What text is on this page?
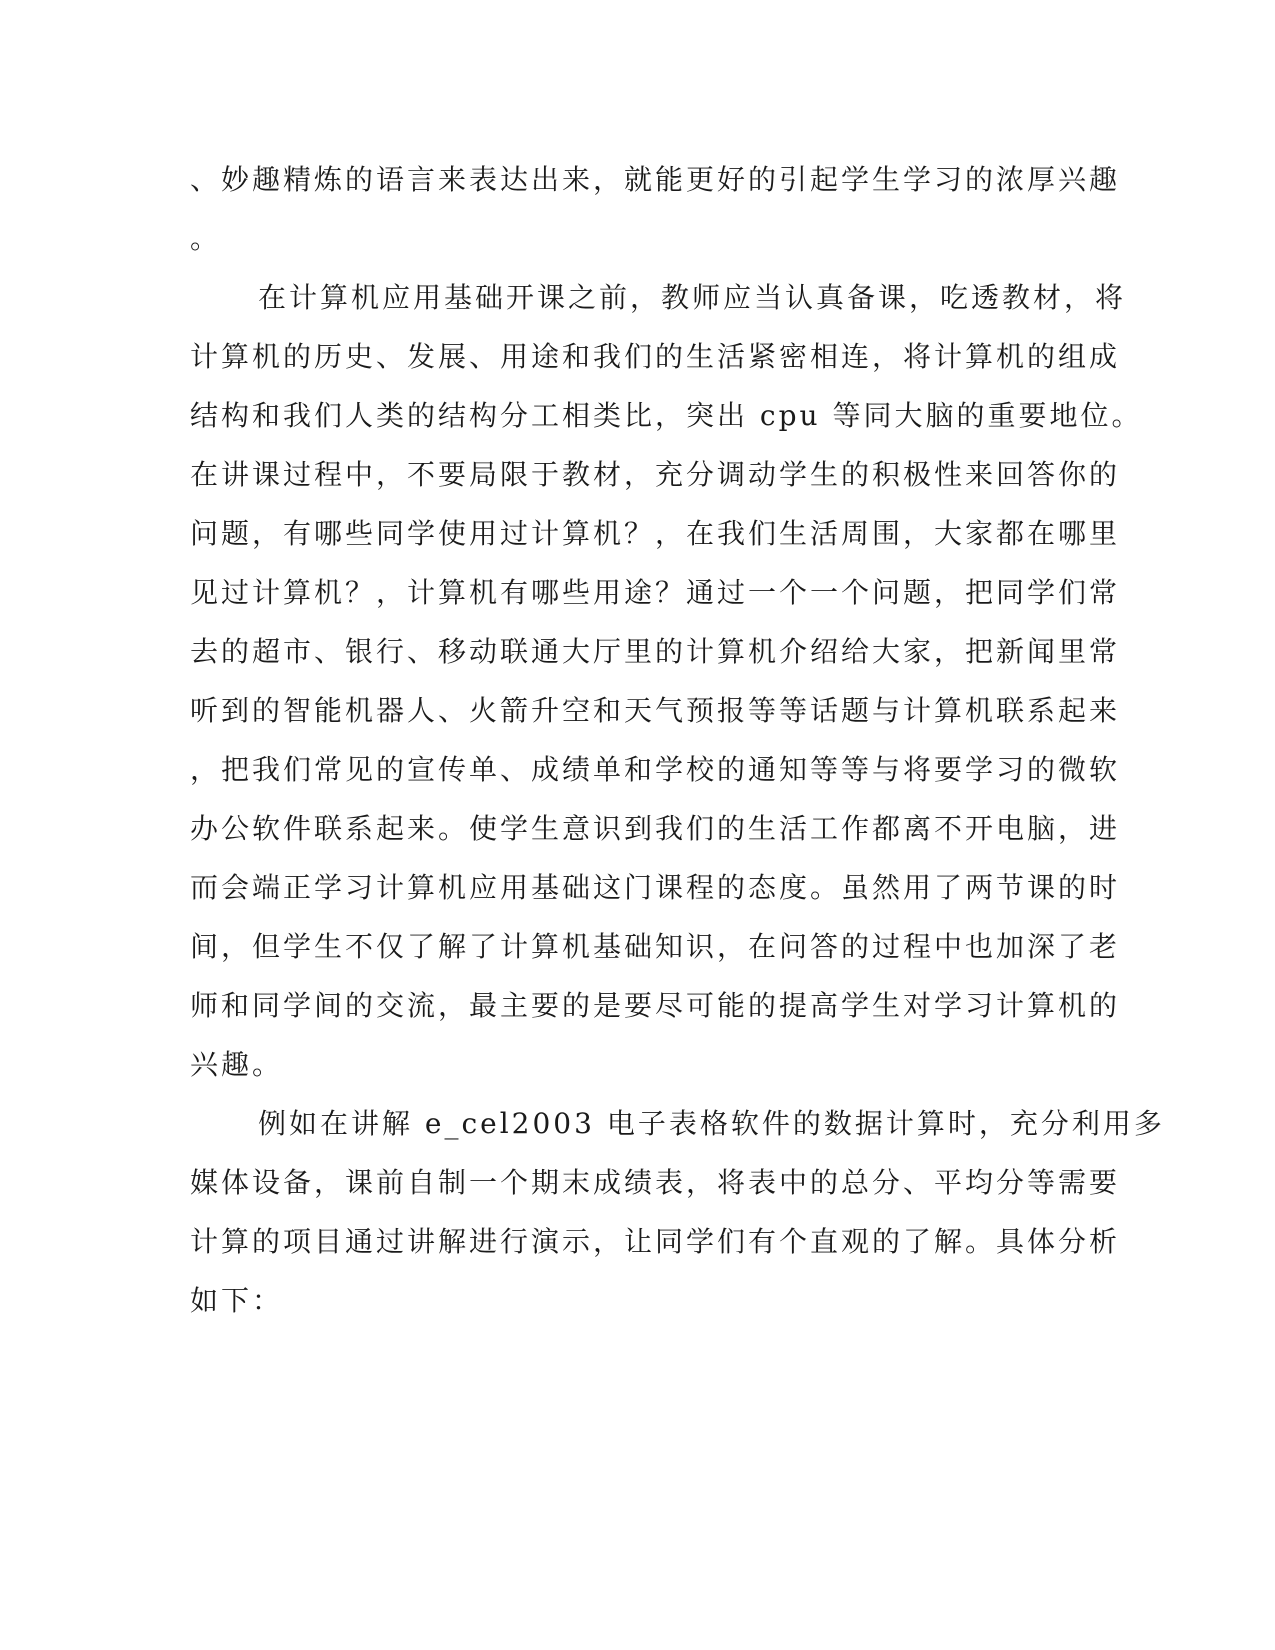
、妙趣精炼的语言来表达出来，就能更好的引起学生学习的浓厚兴趣
。
在计算机应用基础开课之前，教师应当认真备课，吃透教材，将
计算机的历史、发展、用途和我们的生活紧密相连，将计算机的组成
结构和我们人类的结构分工相类比，突出 cpu 等同大脑的重要地位。
在讲课过程中，不要局限于教材，充分调动学生的积极性来回答你的
问题，有哪些同学使用过计算机？，在我们生活周围，大家都在哪里
见过计算机？，计算机有哪些用途？通过一个一个问题，把同学们常
去的超市、银行、移动联通大厅里的计算机介绍给大家，把新闻里常
听到的智能机器人、火箭升空和天气预报等等话题与计算机联系起来
，把我们常见的宣传单、成绩单和学校的通知等等与将要学习的微软
办公软件联系起来。使学生意识到我们的生活工作都离不开电脑，进
而会端正学习计算机应用基础这门课程的态度。虽然用了两节课的时
间，但学生不仅了解了计算机基础知识，在问答的过程中也加深了老
师和同学间的交流，最主要的是要尽可能的提高学生对学习计算机的
兴趣。
例如在讲解 e_cel2003 电子表格软件的数据计算时，充分利用多
媒体设备，课前自制一个期末成绩表，将表中的总分、平均分等需要
计算的项目通过讲解进行演示，让同学们有个直观的了解。具体分析
如下：
